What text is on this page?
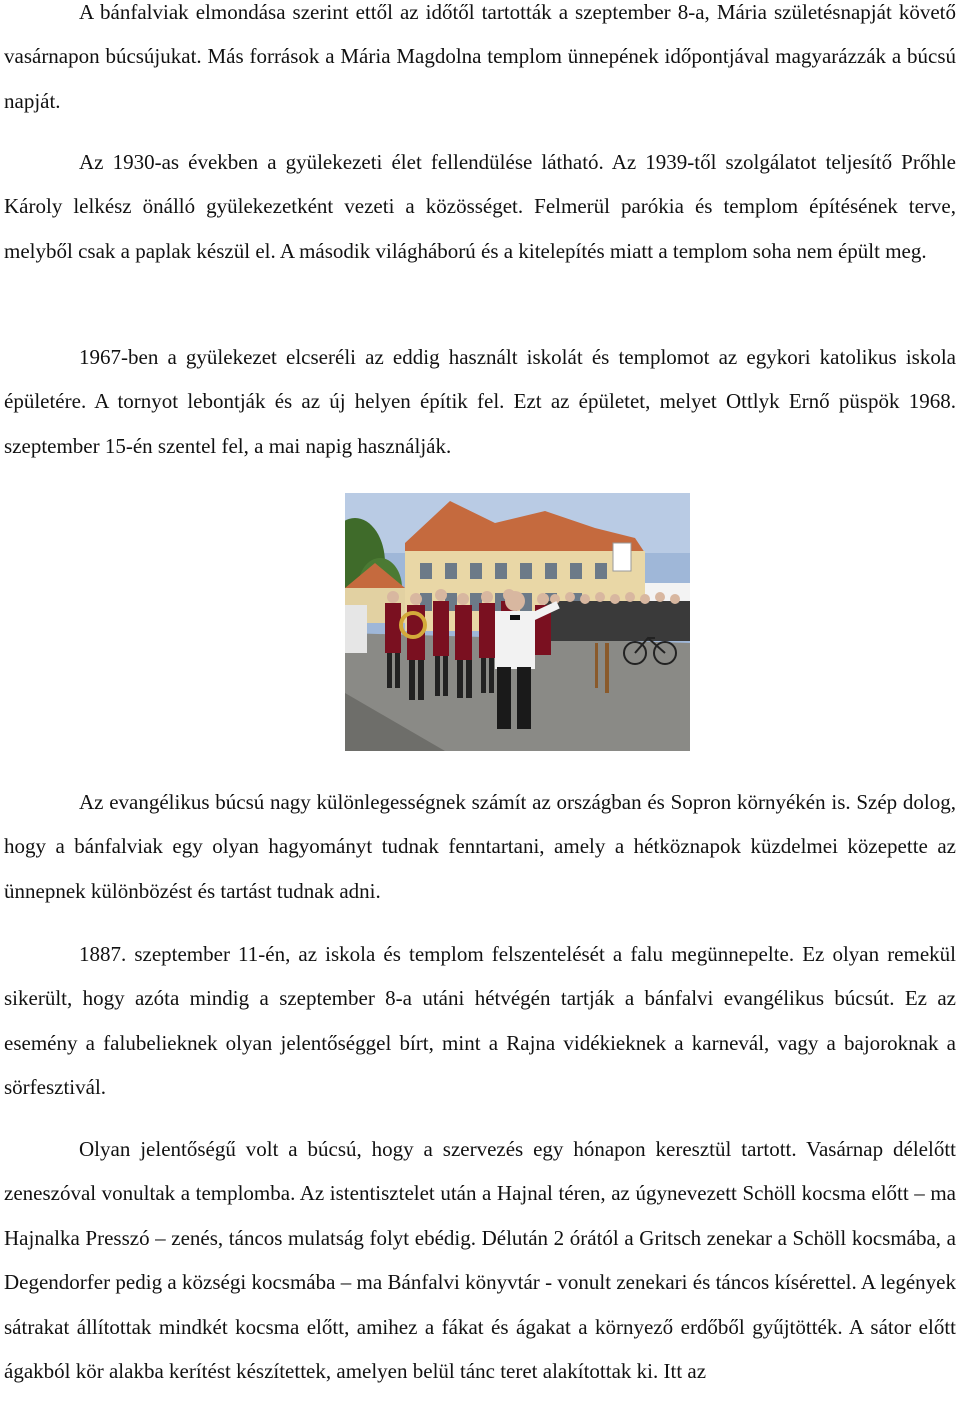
A bánfalviak elmondása szerint ettől az időtől tartották a szeptember 8-a, Mária születésnapját követő vasárnapon búcsújukat. Más források a Mária Magdolna templom ünnepének időpontjával magyarázzák a búcsú napját.

Az 1930-as években a gyülekezeti élet fellendülése látható. Az 1939-től szolgálatot teljesítő Prőhle Károly lelkész önálló gyülekezetként vezeti a közösséget. Felmerül parókia és templom építésének terve, melyből csak a paplak készül el. A második világháború és a kitelepítés miatt a templom soha nem épült meg.

1967-ben a gyülekezet elcseréli az eddig használt iskolát és templomot az egykori katolikus iskola épületére. A tornyot lebontják és az új helyen építik fel. Ezt az épületet, melyet Ottlyk Ernő püspök 1968. szeptember 15-én szentel fel, a mai napig használják.

Az evangélikus búcsú nagy különlegességnek számít az országban és Sopron környékén is. Szép dolog, hogy a bánfalviak egy olyan hagyományt tudnak fenntartani, amely a hétköznapok küzdelmei közepette az ünnepnek különbözést és tartást tudnak adni.

1887. szeptember 11-én, az iskola és templom felszentelését a falu megünnepelte. Ez olyan remekül sikerült, hogy azóta mindig a szeptember 8-a utáni hétvégén tartják a bánfalvi evangélikus búcsút. Ez az esemény a falubelieknek olyan jelentőséggel bírt, mint a Rajna vidékieknek a karnevál, vagy a bajoroknak a sörfesztivál.

Olyan jelentőségű volt a búcsú, hogy a szervezés egy hónapon keresztül tartott. Vasárnap délelőtt zeneszóval vonultak a templomba. Az istentisztelet után a Hajnal téren, az úgynevezett Schöll kocsma előtt – ma Hajnalka Presszó – zenés, táncos mulatság folyt ebédig. Délután 2 órától a Gritsch zenekar a Schöll kocsmába, a Degendorfer pedig a községi kocsmába – ma Bánfalvi könyvtár - vonult zenekari és táncos kísérettel. A legények sátrakat állítottak mindkét kocsma előtt, amihez a fákat és ágakat a környező erdőből gyűjtötték. A sátor előtt ágakból kör alakba kerítést készítettek, amelyen belül tánc teret alakítottak ki. Itt az
